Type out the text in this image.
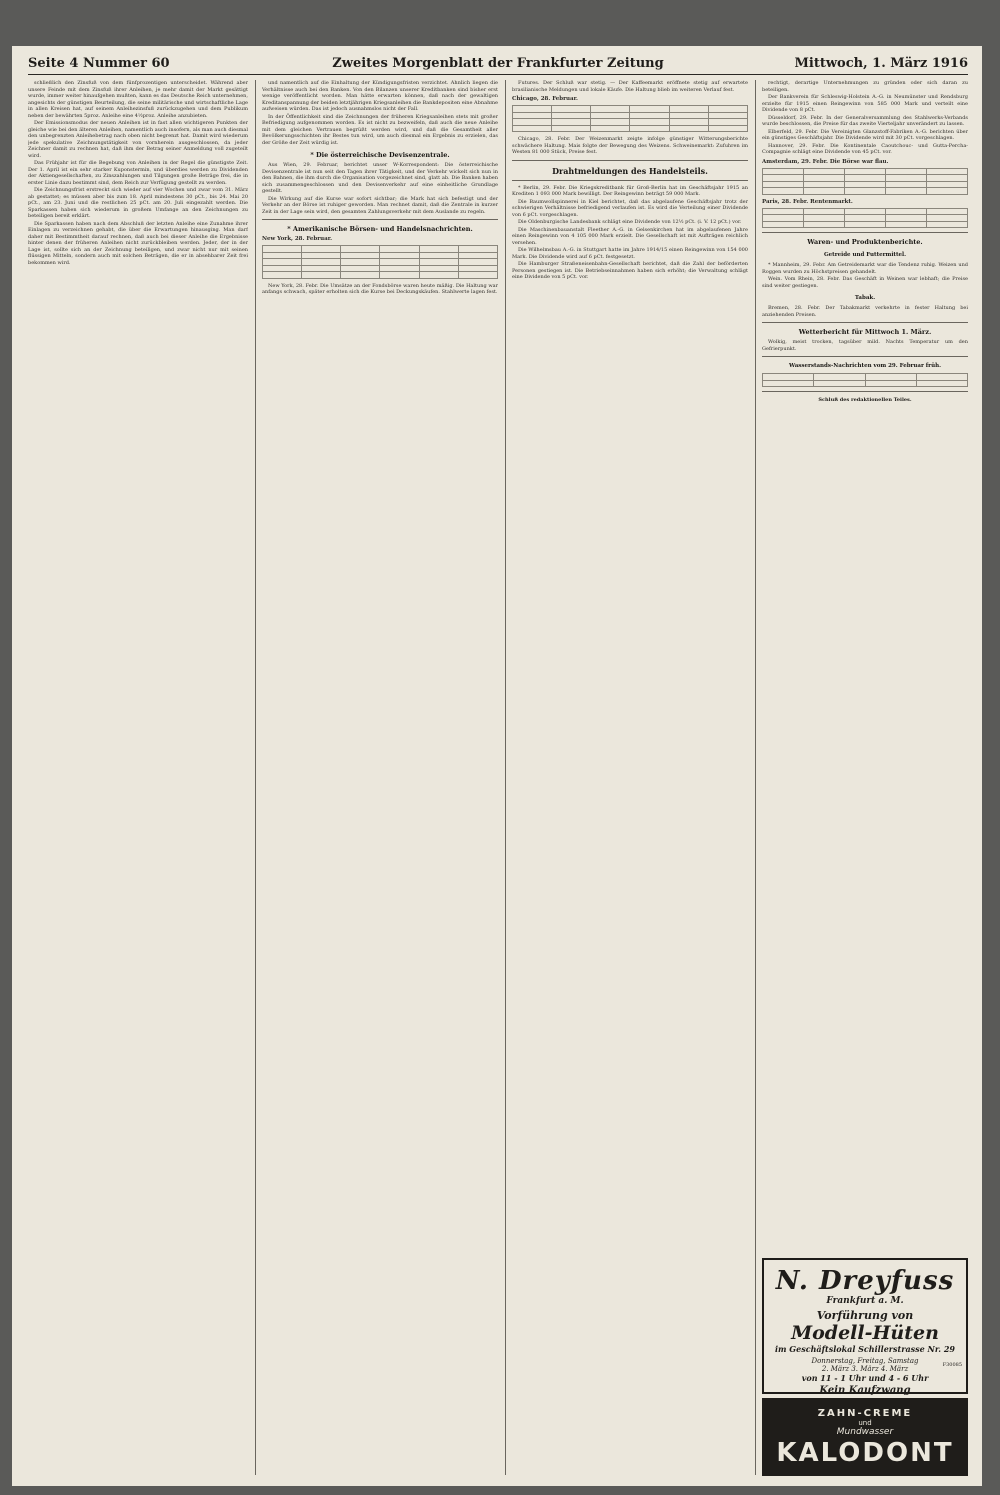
Seite 4 Nummer 60	Zweites Morgenblatt der Frankfurter Zeitung	Mittwoch, 1. März 1916

schließlich den Zinsfuß von dem fünfprozentigen unterscheidet. Während aber unsere Feinde mit dem Zinsfuß ihrer Anleihen, je mehr damit der Markt gesättigt wurde, immer weiter hinaufgehen mußten, kann es das Deutsche Reich unternehmen, angesichts der günstigen Beurteilung, die seine militärische und wirtschaftliche Lage in allen Kreisen hat, auf seinem Anleihezinsfuß zurückzugehen und dem Publikum neben der bewährten 5proz. Anleihe eine 4½proz. Anleihe anzubieten.

Der Emissionsmodus der neuen Anleihen ist in fast allen wichtigeren Punkten der gleiche wie bei den älteren Anleihen, namentlich auch insofern, als man auch diesmal den unbegrenzten Anleihebetrag nach oben nicht begrenzt hat. Damit wird wiederum jede spekulative Zeichnungstätigkeit von vornherein ausgeschlossen, da jeder Zeichner damit zu rechnen hat, daß ihm der Betrag seiner Anmeldung voll zugeteilt wird.

Das Frühjahr ist für die Begebung von Anleihen in der Regel die günstigste Zeit. Der 1. April ist ein sehr starker Kuponstermin, und überdies werden zu Dividenden der Aktiengesellschaften, zu Zinszahlungen und Tilgungen große Beträge frei, die in erster Linie dazu bestimmt sind, dem Reich zur Verfügung gestellt zu werden.

Die Zeichnungsfrist erstreckt sich wieder auf vier Wochen und zwar vom 31. März ab gestattet; es müssen aber bis zum 18. April mindestens 30 pCt., bis 24. Mai 20 pCt., am 23. Juni und die restlichen 25 pCt. am 20. Juli eingezahlt werden. Die Sparkassen haben sich wiederum in großem Umfange an den Zeichnungen zu beteiligen bereit erklärt.

Die Sparkassen haben nach dem Abschluß der letzten Anleihe eine Zunahme ihrer Einlagen zu verzeichnen gehabt, die über die Erwartungen hinausging. Man darf daher mit Bestimmtheit darauf rechnen, daß auch bei dieser Anleihe die Ergebnisse hinter denen der früheren Anleihen nicht zurückbleiben werden. Jeder, der in der Lage ist, sollte sich an der Zeichnung beteiligen, und zwar nicht nur mit seinen flüssigen Mitteln, sondern auch mit solchen Beträgen, die er in absehbarer Zeit frei bekommen wird.

und namentlich auf die Einhaltung der Kündigungsfristen verzichtet. Ähnlich liegen die Verhältnisse auch bei den Banken. Von den Bilanzen unserer Kreditbanken sind bisher erst wenige veröffentlicht worden. Man hätte erwarten können, daß nach der gewaltigen Kreditanspannung der beiden letztjährigen Kriegsanleihen die Bankdepositen eine Abnahme aufweisen würden. Das ist jedoch ausnahmslos nicht der Fall.

In der Öffentlichkeit sind die Zeichnungen der früheren Kriegsanleihen stets mit großer Befriedigung aufgenommen worden. Es ist nicht zu bezweifeln, daß auch die neue Anleihe mit dem gleichen Vertrauen begrüßt werden wird, und daß die Gesamtheit aller Bevölkerungsschichten ihr Bestes tun wird, um auch diesmal ein Ergebnis zu erzielen, das der Größe der Zeit würdig ist.

* Die österreichische Devisenzentrale.

Aus Wien, 29. Februar, berichtet unser W-Korrespondent: Die österreichische Devisenzentrale ist nun seit den Tagen ihrer Tätigkeit, und der Verkehr wickelt sich nun in den Bahnen, die ihm durch die Organisation vorgezeichnet sind, glatt ab. Die Banken haben sich zusammengeschlossen und den Devisenverkehr auf eine einheitliche Grundlage gestellt.

Die Wirkung auf die Kurse war sofort sichtbar; die Mark hat sich befestigt und der Verkehr an der Börse ist ruhiger geworden. Man rechnet damit, daß die Zentrale in kurzer Zeit in der Lage sein wird, den gesamten Zahlungsverkehr mit dem Auslande zu regeln.

* Amerikanische Börsen- und Handelsnachrichten.
New York, 28. Februar.

New York, 28. Febr. Die Umsätze an der Fondsbörse waren heute mäßig. Die Haltung war anfangs schwach, später erholten sich die Kurse bei Deckungskäufen. Stahlwerte lagen fest.

Futures. Der Schluß war stetig. — Der Kaffeemarkt eröffnete stetig auf erwartete brasilianische Meldungen und lokale Käufe. Die Haltung blieb im weiteren Verlauf fest.

Chicago, 28. Februar.

Chicago, 28. Febr. Der Weizenmarkt zeigte infolge günstiger Witterungsberichte schwächere Haltung. Mais folgte der Bewegung des Weizens. Schweinemarkt: Zufuhren im Westen 81 000 Stück, Preise fest.

Drahtmeldungen des Handelsteils.

* Berlin, 29. Febr. Die Kriegskreditbank für Groß-Berlin hat im Geschäftsjahr 1915 an Krediten 1 093 000 Mark bewilligt. Der Reingewinn beträgt 59 000 Mark.

Die Baumwollspinnerei in Kiel berichtet, daß das abgelaufene Geschäftsjahr trotz der schwierigen Verhältnisse befriedigend verlaufen ist. Es wird die Verteilung einer Dividende von 6 pCt. vorgeschlagen.

Die Oldenburgische Landesbank schlägt eine Dividende von 12½ pCt. (i. V. 12 pCt.) vor.

Die Maschinenbauanstalt Fleether A.-G. in Gelsenkirchen hat im abgelaufenen Jahre einen Reingewinn von 4 105 000 Mark erzielt. Die Gesellschaft ist mit Aufträgen reichlich versehen.

Die Wilhelmsbau A.-G. in Stuttgart hatte im Jahre 1914/15 einen Reingewinn von 154 000 Mark. Die Dividende wird auf 6 pCt. festgesetzt.

Die Hamburger Straßeneisenbahn-Gesellschaft berichtet, daß die Zahl der beförderten Personen gestiegen ist. Die Betriebseinnahmen haben sich erhöht; die Verwaltung schlägt eine Dividende von 5 pCt. vor.

rechtigt, derartige Unternehmungen zu gründen oder sich daran zu beteiligen.

Der Bankverein für Schleswig-Holstein A.-G. in Neumünster und Rendsburg erzielte für 1915 einen Reingewinn von 585 000 Mark und verteilt eine Dividende von 8 pCt.

Düsseldorf, 29. Febr. In der Generalversammlung des Stahlwerks-Verbands wurde beschlossen, die Preise für das zweite Vierteljahr unverändert zu lassen.

Elberfeld, 29. Febr. Die Vereinigten Glanzstoff-Fabriken A.-G. berichten über ein günstiges Geschäftsjahr. Die Dividende wird mit 30 pCt. vorgeschlagen.

Hannover, 29. Febr. Die Kontinentale Caoutchouc- und Gutta-Percha-Compagnie schlägt eine Dividende von 45 pCt. vor.

Amsterdam, 29. Febr. Die Börse war flau.

Paris, 28. Febr. Rentenmarkt.

Waren- und Produktenberichte.
Getreide und Futtermittel.

* Mannheim, 29. Febr. Am Getreidemarkt war die Tendenz ruhig. Weizen und Roggen wurden zu Höchstpreisen gehandelt.

Wein. Vom Rhein, 28. Febr. Das Geschäft in Weinen war lebhaft; die Preise sind weiter gestiegen.

Tabak.

Bremen, 28. Febr. Der Tabakmarkt verkehrte in fester Haltung bei anziehenden Preisen.

Wetterbericht für Mittwoch 1. März.

Wolkig, meist trocken, tagsüber mild. Nachts Temperatur um den Gefrierpunkt.

Wasserstands-Nachrichten vom 29. Februar früh.

Schluß des redaktionellen Teiles.
N. Dreyfuss
Frankfurt a. M.
Vorführung von
Modell-Hüten
im Geschäftslokal Schillerstrasse Nr. 29
Donnerstag, Freitag, Samstag
2. März 3. März 4. März
von 11 - 1 Uhr und 4 - 6 Uhr
Kein Kaufzwang
F30085
ZAHN-CREME
und
Mundwasser
KALODONT
